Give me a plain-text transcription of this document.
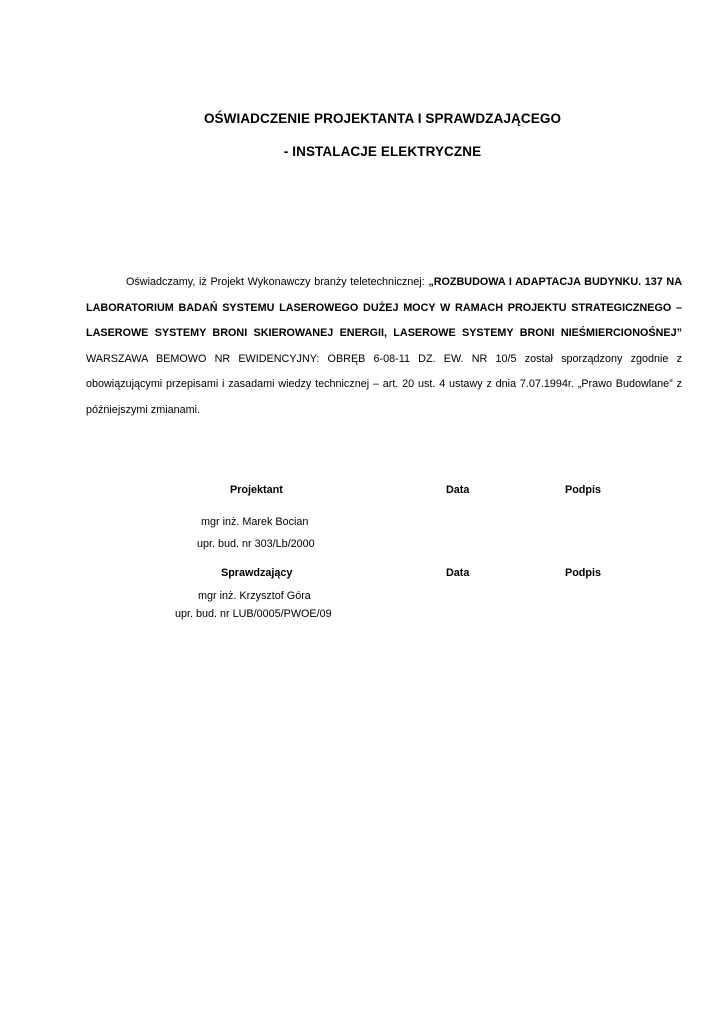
OŚWIADCZENIE PROJEKTANTA I SPRAWDZAJĄCEGO
- INSTALACJE ELEKTRYCZNE
Oświadczamy, iż Projekt Wykonawczy branży teletechnicznej: „ROZBUDOWA I ADAPTACJA BUDYNKU. 137 NA LABORATORIUM BADAŃ SYSTEMU LASEROWEGO DUŻEJ MOCY W RAMACH PROJEKTU STRATEGICZNEGO – LASEROWE SYSTEMY BRONI SKIEROWANEJ ENERGII, LASEROWE SYSTEMY BRONI NIEŚMIERCIONOŚNEJ” WARSZAWA BEMOWO NR EWIDENCYJNY: OBRĘB 6-08-11 DZ. EW. NR 10/5 został sporządzony zgodnie z obowiązującymi przepisami i zasadami wiedzy technicznej – art. 20 ust. 4 ustawy z dnia 7.07.1994r. „Prawo Budowlane” z późniejszymi zmianami.
Projektant	Data	Podpis
mgr inż. Marek Bocian
upr. bud. nr 303/Lb/2000
Sprawdzający	Data	Podpis
mgr inż. Krzysztof Góra
upr. bud. nr LUB/0005/PWOE/09
